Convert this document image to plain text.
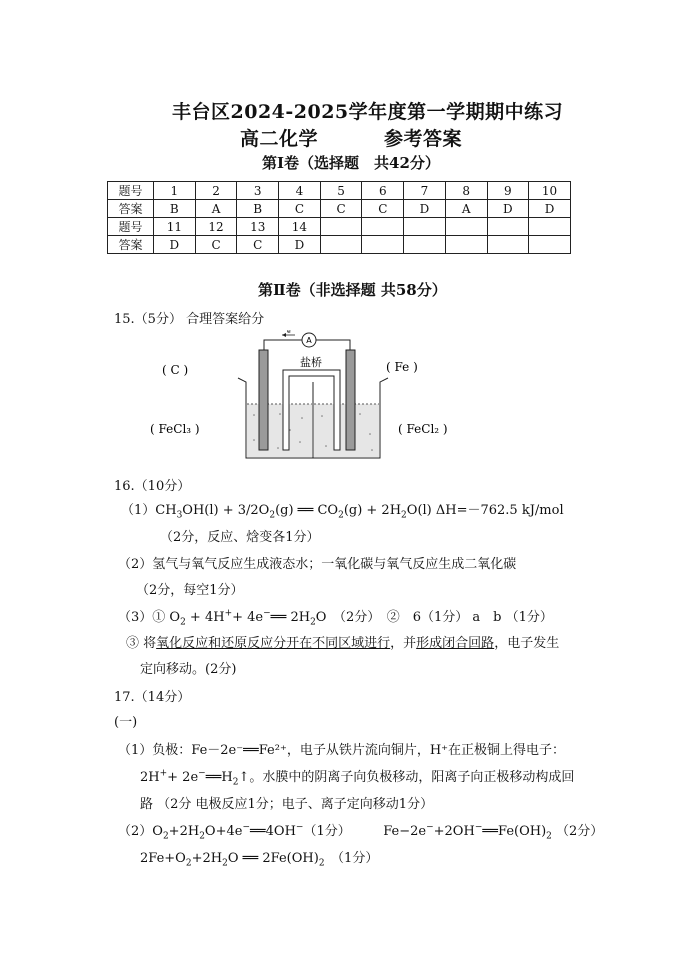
丰台区2024-2025学年度第一学期期中练习
高二化学	参考答案
第Ⅰ卷（选择题　共42分）
题号	1	2	3	4	5	6	7	8	9	10
答案	B	A	B	C	C	C	D	A	D	D
题号	11	12	13	14						
答案	D	C	C	D						
第Ⅱ卷（非选择题 共58分）
15.（5分） 合理答案给分
A
e⁻
盐桥
( C )	( Fe )
( FeCl₃ )	( FeCl₂ )
16.（10分）
$(1)CH_3OH(l) + 3/2O_2(g)$ ══ $CO_2(g) + 2H_2O(l)$ ΔH=－762.5 kJ/mol
（2分，反应、焓变各1分）
（2）氢气与氧气反应生成液态水；一氧化碳与氧气反应生成二氧化碳
（2分，每空1分）
（3）① $O_2 + 4H^++$ 4e−══ $2H_2O$　（2分）　②　6（1分） a　b （1分）
③ 将氧化反应和还原反应分开在不同区域进行，并形成闭合回路，电子发生
定向移动。(2分)
17.（14分）
(一)
（1）负极：Fe－2e⁻══Fe²⁺，电子从铁片流向铜片，H⁺在正极铜上得电子：
$2H^++ 2e^-══H_2↑$。水膜中的阴离子向负极移动，阳离子向正极移动构成回
路 （2分 电极反应1分；电子、离子定向移动1分）
$(2)O_2+2H_2O+4e^-══4OH^-(1$分）　　　$Fe-2e^-+2OH^-══Fe(OH)_2$ （2分）
$2Fe+O_2+2H_2O$ ══ $2Fe(OH)_2$　（1分）
